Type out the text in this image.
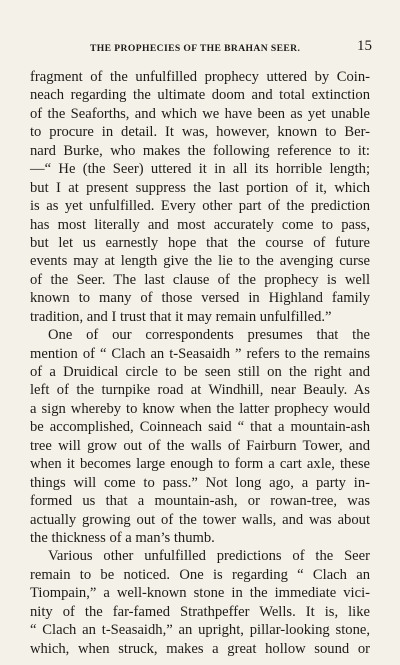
THE PROPHECIES OF THE BRAHAN SEER.	15
fragment of the unfulfilled prophecy uttered by Coin-
neach regarding the ultimate doom and total extinction
of the Seaforths, and which we have been as yet unable
to procure in detail. It was, however, known to Ber-
nard Burke, who makes the following reference to it:
—“ He (the Seer) uttered it in all its horrible length;
but I at present suppress the last portion of it, which
is as yet unfulfilled. Every other part of the prediction
has most literally and most accurately come to pass,
but let us earnestly hope that the course of future
events may at length give the lie to the avenging curse
of the Seer. The last clause of the prophecy is well
known to many of those versed in Highland family
tradition, and I trust that it may remain unfulfilled.”
One of our correspondents presumes that the
mention of “ Clach an t-Seasaidh ” refers to the remains
of a Druidical circle to be seen still on the right and
left of the turnpike road at Windhill, near Beauly. As
a sign whereby to know when the latter prophecy would
be accomplished, Coinneach said “ that a mountain-ash
tree will grow out of the walls of Fairburn Tower, and
when it becomes large enough to form a cart axle, these
things will come to pass.” Not long ago, a party in-
formed us that a mountain-ash, or rowan-tree, was
actually growing out of the tower walls, and was about
the thickness of a man’s thumb.
Various other unfulfilled predictions of the Seer
remain to be noticed. One is regarding “ Clach an
Tiompain,” a well-known stone in the immediate vici-
nity of the far-famed Strathpeffer Wells. It is, like
“ Clach an t-Seasaidh,” an upright, pillar-looking stone,
which, when struck, makes a great hollow sound or
